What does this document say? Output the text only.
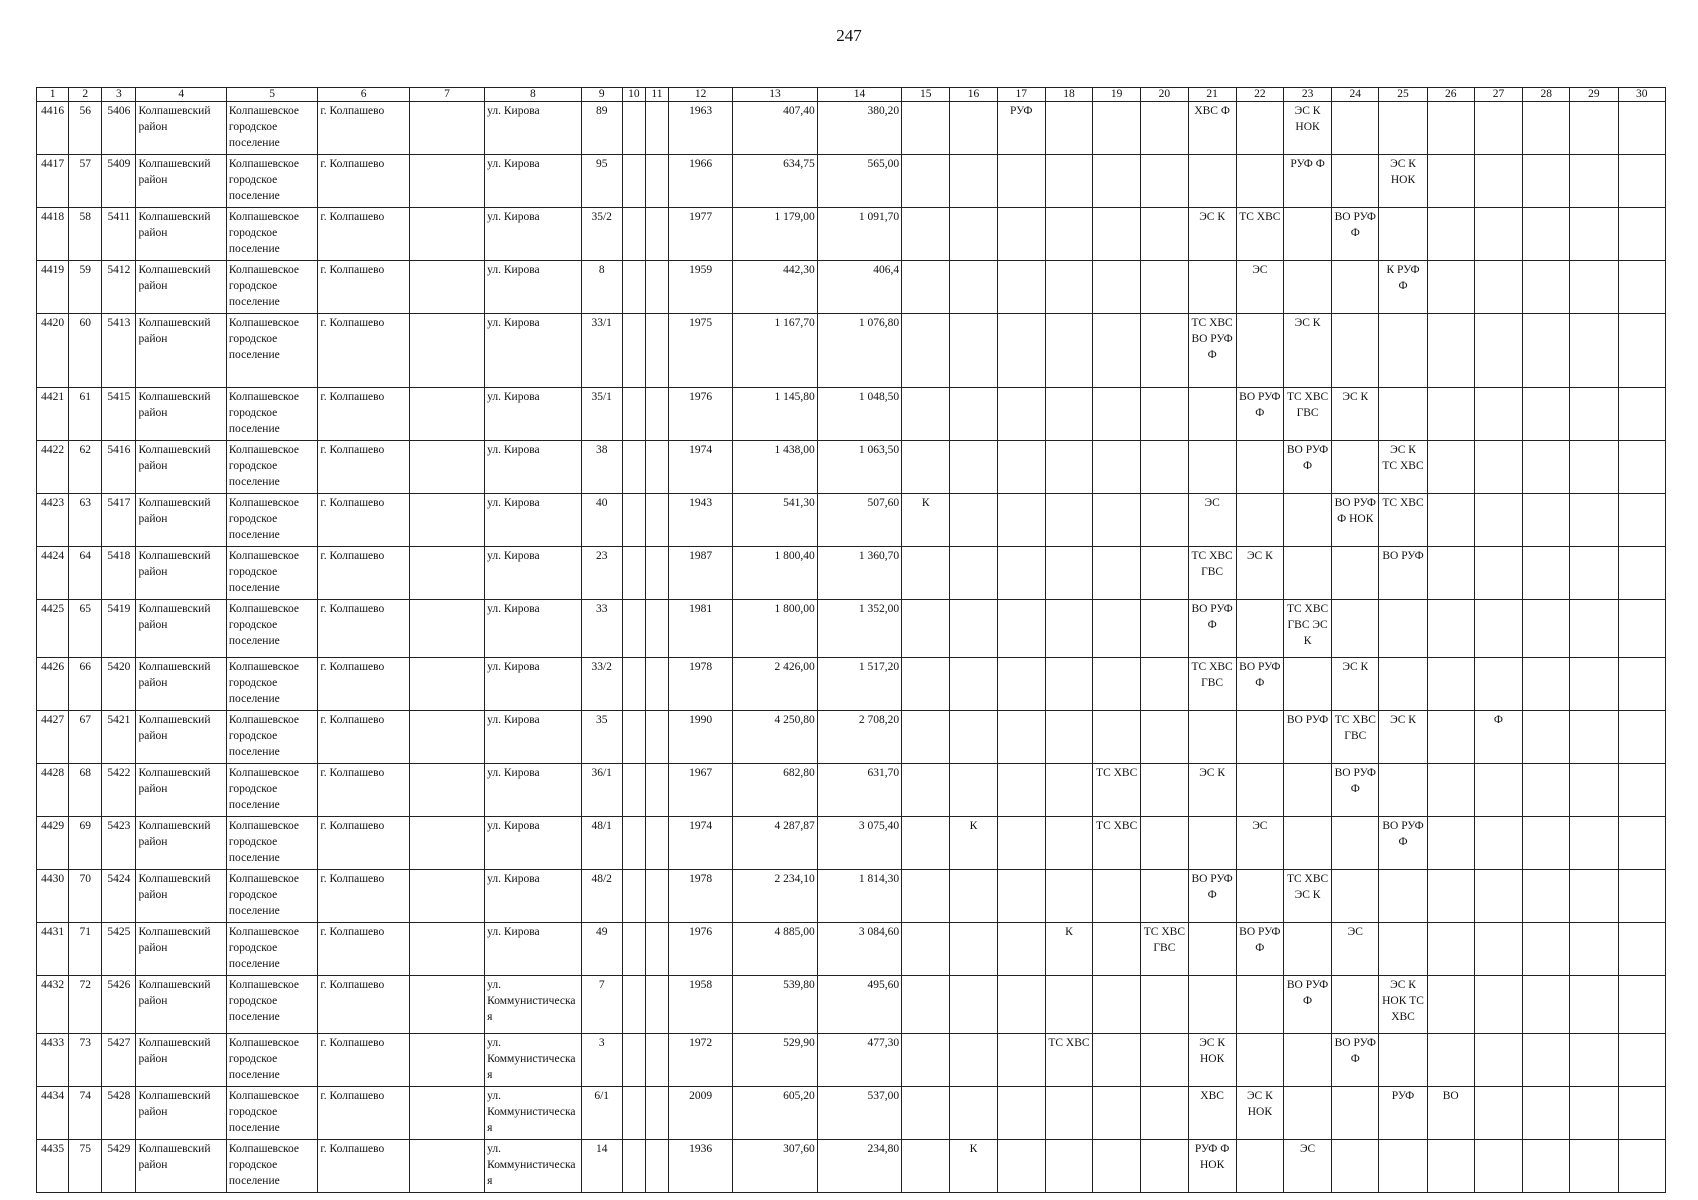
247
1	2	3	4	5	6	7	8	9	10	11	12	13	14	15	16	17	18	19	20	21	22	23	24	25	26	27	28	29	30
4416	56	5406	Колпашевский район	Колпашевское городское поселение	г. Колпашево		ул. Кирова	89			1963	407,40	380,20			РУФ				ХВС Ф		ЭС К НОК							
4417	57	5409	Колпашевский район	Колпашевское городское поселение	г. Колпашево		ул. Кирова	95			1966	634,75	565,00									РУФ Ф		ЭС К НОК					
4418	58	5411	Колпашевский район	Колпашевское городское поселение	г. Колпашево		ул. Кирова	35/2			1977	1 179,00	1 091,70							ЭС К	ТС ХВС		ВО РУФ Ф						
4419	59	5412	Колпашевский район	Колпашевское городское поселение	г. Колпашево		ул. Кирова	8			1959	442,30	406,4								ЭС			К РУФ Ф					
4420	60	5413	Колпашевский район	Колпашевское городское поселение	г. Колпашево		ул. Кирова	33/1			1975	1 167,70	1 076,80							ТС ХВС ВО РУФ Ф		ЭС К							
4421	61	5415	Колпашевский район	Колпашевское городское поселение	г. Колпашево		ул. Кирова	35/1			1976	1 145,80	1 048,50								ВО РУФ Ф	ТС ХВС ГВС	ЭС К						
4422	62	5416	Колпашевский район	Колпашевское городское поселение	г. Колпашево		ул. Кирова	38			1974	1 438,00	1 063,50									ВО РУФ Ф		ЭС К ТС ХВС					
4423	63	5417	Колпашевский район	Колпашевское городское поселение	г. Колпашево		ул. Кирова	40			1943	541,30	507,60	К						ЭС			ВО РУФ Ф НОК	ТС ХВС					
4424	64	5418	Колпашевский район	Колпашевское городское поселение	г. Колпашево		ул. Кирова	23			1987	1 800,40	1 360,70							ТС ХВС ГВС	ЭС К			ВО РУФ					
4425	65	5419	Колпашевский район	Колпашевское городское поселение	г. Колпашево		ул. Кирова	33			1981	1 800,00	1 352,00							ВО РУФ Ф		ТС ХВС ГВС ЭС К							
4426	66	5420	Колпашевский район	Колпашевское городское поселение	г. Колпашево		ул. Кирова	33/2			1978	2 426,00	1 517,20							ТС ХВС ГВС	ВО РУФ Ф		ЭС К						
4427	67	5421	Колпашевский район	Колпашевское городское поселение	г. Колпашево		ул. Кирова	35			1990	4 250,80	2 708,20									ВО РУФ	ТС ХВС ГВС	ЭС К		Ф			
4428	68	5422	Колпашевский район	Колпашевское городское поселение	г. Колпашево		ул. Кирова	36/1			1967	682,80	631,70					ТС ХВС		ЭС К			ВО РУФ Ф						
4429	69	5423	Колпашевский район	Колпашевское городское поселение	г. Колпашево		ул. Кирова	48/1			1974	4 287,87	3 075,40		К			ТС ХВС			ЭС			ВО РУФ Ф					
4430	70	5424	Колпашевский район	Колпашевское городское поселение	г. Колпашево		ул. Кирова	48/2			1978	2 234,10	1 814,30							ВО РУФ Ф		ТС ХВС ЭС К							
4431	71	5425	Колпашевский район	Колпашевское городское поселение	г. Колпашево		ул. Кирова	49			1976	4 885,00	3 084,60				К		ТС ХВС ГВС		ВО РУФ Ф		ЭС						
4432	72	5426	Колпашевский район	Колпашевское городское поселение	г. Колпашево		ул. Коммунистическая	7			1958	539,80	495,60									ВО РУФ Ф		ЭС К НОК ТС ХВС					
4433	73	5427	Колпашевский район	Колпашевское городское поселение	г. Колпашево		ул. Коммунистическая	3			1972	529,90	477,30				ТС ХВС			ЭС К НОК			ВО РУФ Ф						
4434	74	5428	Колпашевский район	Колпашевское городское поселение	г. Колпашево		ул. Коммунистическая	6/1			2009	605,20	537,00							ХВС	ЭС К НОК			РУФ	ВО				
4435	75	5429	Колпашевский район	Колпашевское городское поселение	г. Колпашево		ул. Коммунистическая	14			1936	307,60	234,80		К					РУФ Ф НОК		ЭС							
